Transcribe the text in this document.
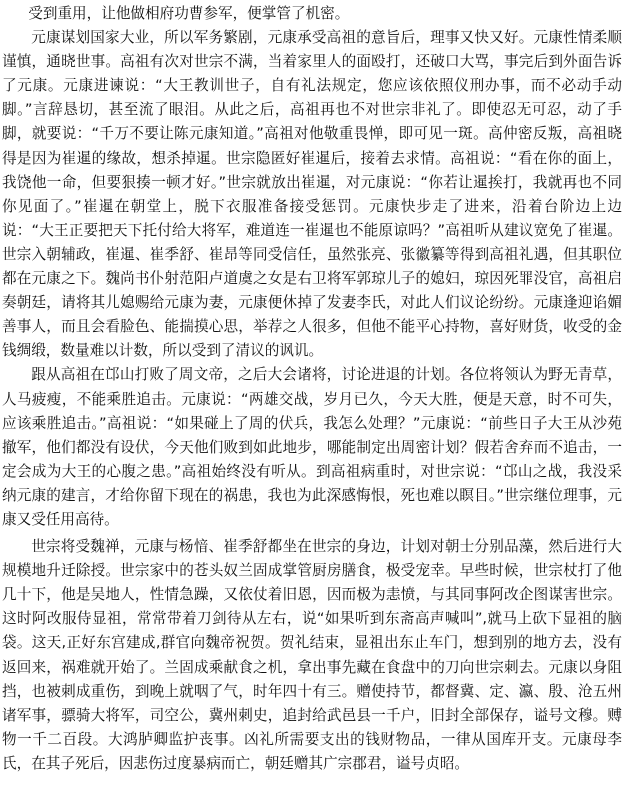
受到重用，让他做相府功曹参军，便掌管了机密。

元康谋划国家大业，所以军务繁剧，元康承受高祖的意旨后，理事又快又好。元康性情柔顺谨慎，通晓世事。高祖有次对世宗不满，当着家里人的面殴打，还破口大骂，事完后到外面告诉了元康。元康进谏说：“大王教训世子，自有礼法规定，您应该依照仪刑办事，而不必动手动脚。”言辞恳切，甚至流了眼泪。从此之后，高祖再也不对世宗非礼了。即使忍无可忍，动了手脚，就要说：“千万不要让陈元康知道。”高祖对他敬重畏惮，即可见一斑。高仲密反叛，高祖晓得是因为崔暹的缘故，想杀掉暹。世宗隐匿好崔暹后，接着去求情。高祖说：“看在你的面上，我饶他一命，但要狠揍一顿才好。”世宗就放出崔暹，对元康说：“你若让暹挨打，我就再也不同你见面了。”崔暹在朝堂上，脱下衣服准备接受惩罚。元康快步走了进来，沿着台阶边上边说：“大王正要把天下托付给大将军，难道连一崔暹也不能原谅吗？”高祖听从建议宽免了崔暹。世宗入朝辅政，崔暹、崔季舒、崔昂等同受信任，虽然张亮、张徽纂等得到高祖礼遇，但其职位都在元康之下。魏尚书仆射范阳卢道虞之女是右卫将军郭琼儿子的媳妇，琼因死罪没官，高祖启奏朝廷，请将其儿媳赐给元康为妻，元康便休掉了发妻李氏，对此人们议论纷纷。元康逢迎谄媚善事人，而且会看脸色、能揣摸心思，举荐之人很多，但他不能平心持物，喜好财货，收受的金钱绸缎，数量难以计数，所以受到了清议的讽讥。

跟从高祖在邙山打败了周文帝，之后大会诸将，讨论进退的计划。各位将领认为野无青草，人马疲瘦，不能乘胜追击。元康说：“两雄交战，岁月已久，今天大胜，便是天意，时不可失，应该乘胜追击。”高祖说：“如果碰上了周的伏兵，我怎么处理？”元康说：“前些日子大王从沙苑撤军，他们都没有设伏，今天他们败到如此地步，哪能制定出周密计划？假若舍弃而不追击，一定会成为大王的心腹之患。”高祖始终没有听从。到高祖病重时，对世宗说：“邙山之战，我没采纳元康的建言，才给你留下现在的祸患，我也为此深感悔恨，死也难以瞑目。”世宗继位理事，元康又受任用高待。

世宗将受魏禅，元康与杨愔、崔季舒都坐在世宗的身边，计划对朝士分别品藻，然后进行大规模地升迁除授。世宗家中的苍头奴兰固成掌管厨房膳食，极受宠幸。早些时候，世宗杖打了他几十下，他是吴地人，性情急躁，又依仗着旧恩，因而极为恚愤，与其同事阿改企图谋害世宗。这时阿改服侍显祖，常常带着刀剑待从左右，说“如果听到东斋高声喊叫”,就马上砍下显祖的脑袋。这天,正好东宫建成,群官向魏帝祝贺。贺礼结束，显祖出东止车门，想到别的地方去，没有返回来，祸难就开始了。兰固成乘献食之机，拿出事先藏在食盘中的刀向世宗刺去。元康以身阻挡，也被刺成重伤，到晚上就咽了气，时年四十有三。赠使持节，都督冀、定、瀛、殷、沧五州诸军事，骠骑大将军，司空公，冀州刺史，追封给武邑县一千户，旧封全部保存，谥号文穆。赙物一千二百段。大鸿胪卿监护丧事。凶礼所需要支出的钱财物品，一律从国库开支。元康母李氏，在其子死后，因悲伤过度暴病而亡，朝廷赠其广宗郡君，谥号贞昭。
